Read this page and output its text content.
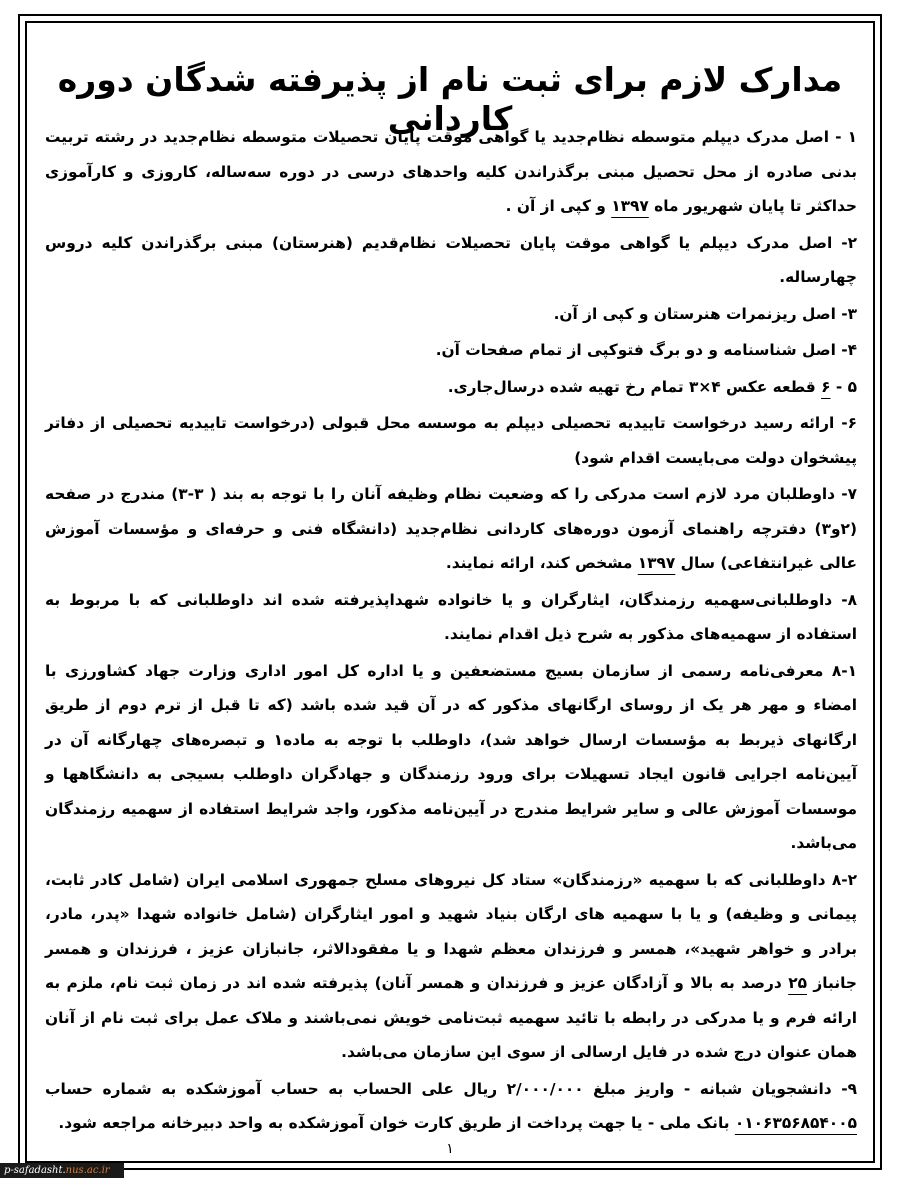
مدارک لازم برای ثبت نام از پذیرفته شدگان دوره کاردانی

۱ - اصل مدرک دیپلم متوسطه نظام‌جدید یا گواهی موقت پایان تحصیلات متوسطه نظام‌جدید در رشته تربیت بدنی صادره از محل تحصیل مبنی برگذراندن کلیه واحدهای درسی در دوره سه‌ساله، کاروزی و کارآموزی حداکثر تا پایان شهریور ماه ۱۳۹۷ و کپی از آن .

۲- اصل مدرک دیپلم یا گواهی موقت پایان تحصیلات نظام‌قدیم (هنرستان) مبنی برگذراندن کلیه دروس چهارساله.

۳- اصل ریزنمرات هنرستان و کپی از آن.

۴- اصل شناسنامه و دو برگ فتوکپی از تمام صفحات آن.

۵ - ۶ قطعه عکس ۴×۳ تمام رخ تهیه شده درسال‌جاری.

۶- ارائه رسید درخواست تاییدیه تحصیلی دیپلم به موسسه محل قبولی (درخواست تاییدیه تحصیلی از دفاتر پیشخوان دولت می‌بایست اقدام شود)

۷- داوطلبان مرد لازم است مدرکی را که وضعیت نظام وظیفه آنان را با توجه به بند ( ۳-۳) مندرج در صفحه (۲و۳) دفترچه راهنمای آزمون دوره‌های کاردانی نظام‌جدید (دانشگاه فنی و حرفه‌ای و مؤسسات آموزش عالی غیرانتفاعی) سال ۱۳۹۷ مشخص کند، ارائه نمایند.

۸- داوطلبانی‌سهمیه رزمندگان، ایثارگران و یا خانواده شهداپذیرفته شده اند داوطلبانی که با مربوط به استفاده از سهمیه‌های مذکور به شرح ذیل اقدام نمایند.

۸-۱ معرفی‌نامه رسمی از سازمان بسیج مستضعفین و یا اداره کل امور اداری وزارت جهاد کشاورزی با امضاء و مهر هر یک از روسای ارگانهای مذکور که در آن قید شده باشد (که تا قبل از ترم دوم از طریق ارگانهای ذیربط به مؤسسات ارسال خواهد شد)، داوطلب با توجه به ماده۱ و تبصره‌های چهارگانه آن در آیین‌نامه اجرایی قانون ایجاد تسهیلات برای ورود رزمندگان و جهادگران داوطلب بسیجی به دانشگاهها و موسسات آموزش عالی و سایر شرایط مندرج در آیین‌نامه مذکور، واجد شرایط استفاده از سهمیه رزمندگان می‌باشد.

۸-۲ داوطلبانی که با سهمیه «رزمندگان» ستاد کل نیروهای مسلح جمهوری اسلامی ایران (شامل کادر ثابت، پیمانی و وظیفه) و یا با سهمیه های ارگان بنیاد شهید و امور ایثارگران (شامل خانواده شهدا «پدر، مادر، برادر و خواهر شهید»، همسر و فرزندان معظم شهدا و یا مفقودالاثر، جانبازان عزیز ، فرزندان و همسر جانباز ۲۵ درصد به بالا و آزادگان عزیز و فرزندان و همسر آنان) پذیرفته شده اند در زمان ثبت نام، ملزم به ارائه فرم و یا مدرکی در رابطه با تائید سهمیه ثبت‌نامی خویش نمی‌باشند و ملاک عمل برای ثبت نام از آنان همان عنوان درج شده در فایل ارسالی از سوی این سازمان می‌باشد.

۹- دانشجویان شبانه - واریز مبلغ ۲/۰۰۰/۰۰۰ ریال علی الحساب به حساب آموزشکده به شماره حساب ۰۱۰۶۳۵۶۸۵۴۰۰۵ بانک ملی - یا جهت پرداخت از طریق کارت خوان آموزشکده به واحد دبیرخانه مراجعه شود.

۱
p-safadasht.nus.ac.ir
